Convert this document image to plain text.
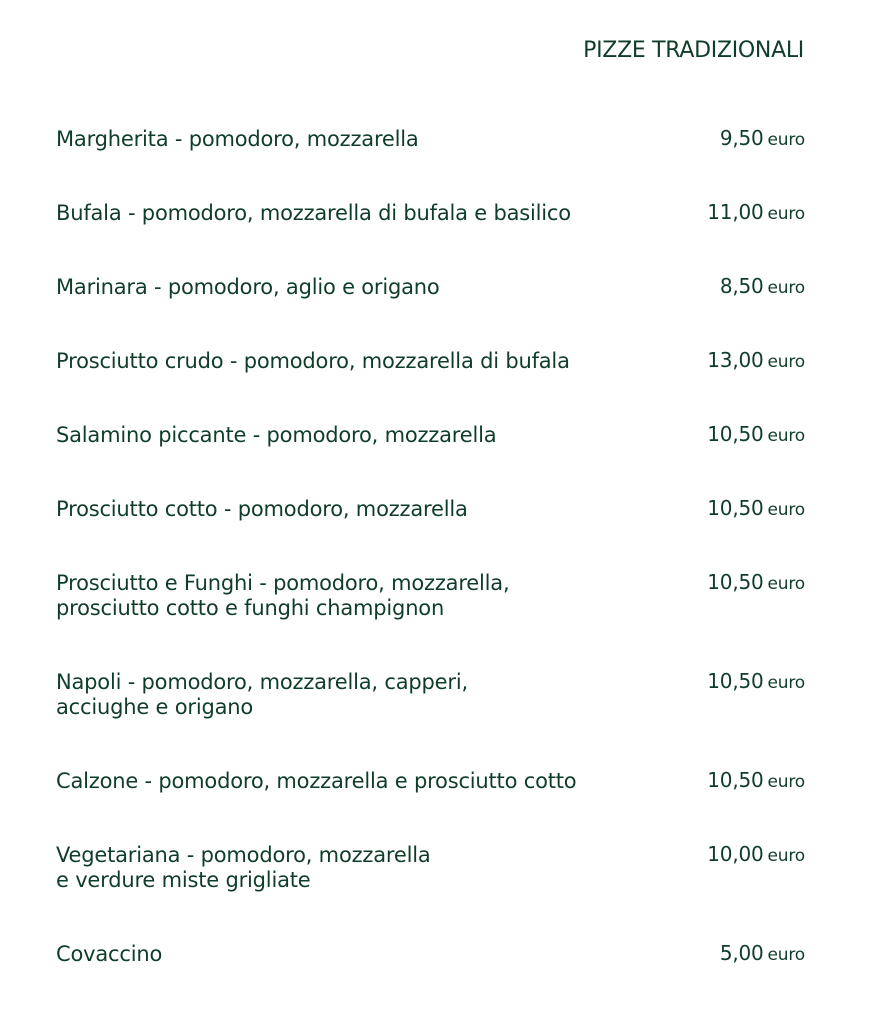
PIZZE TRADIZIONALI
Margherita - pomodoro, mozzarella	9,50 euro
Bufala - pomodoro, mozzarella di bufala e basilico	11,00 euro
Marinara - pomodoro, aglio e origano	8,50 euro
Prosciutto crudo - pomodoro, mozzarella di bufala	13,00 euro
Salamino piccante - pomodoro, mozzarella	10,50 euro
Prosciutto cotto - pomodoro, mozzarella	10,50 euro
Prosciutto e Funghi - pomodoro, mozzarella,
prosciutto cotto e funghi champignon
10,50 euro
Napoli - pomodoro, mozzarella, capperi,
acciughe e origano
10,50 euro
Calzone - pomodoro, mozzarella e prosciutto cotto	10,50 euro
Vegetariana - pomodoro, mozzarella
e verdure miste grigliate
10,00 euro
Covaccino	5,00 euro
